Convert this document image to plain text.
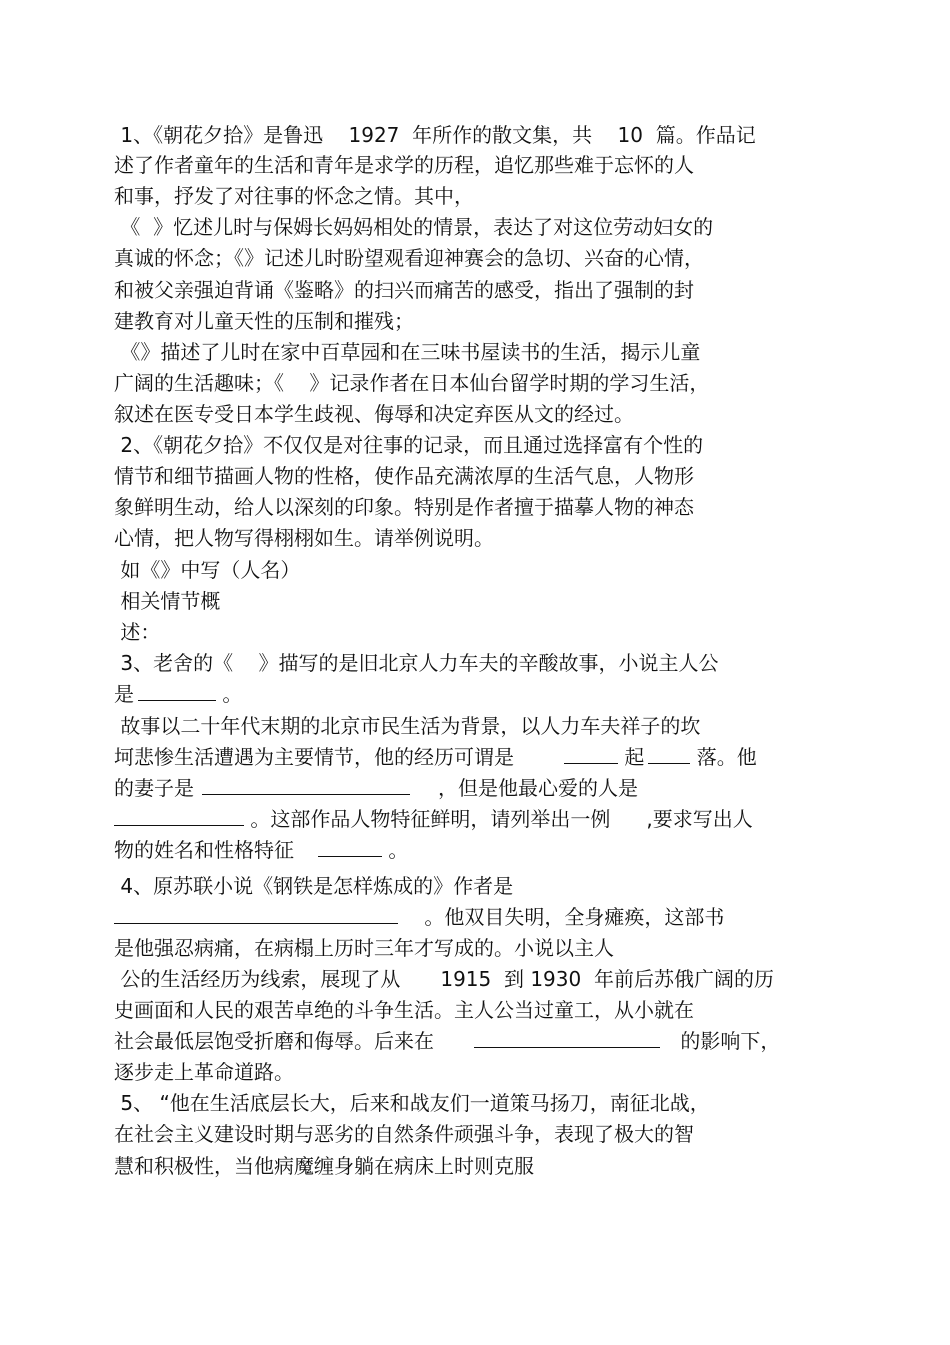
1、《朝花夕拾》是鲁迅    1927  年所作的散文集，共    10  篇。作品记
述了作者童年的生活和青年是求学的历程，追忆那些难于忘怀的人
和事，抒发了对往事的怀念之情。其中，
《  》忆述儿时与保姆长妈妈相处的情景，表达了对这位劳动妇女的
真诚的怀念；《》记述儿时盼望观看迎神赛会的急切、兴奋的心情，
和被父亲强迫背诵《鉴略》的扫兴而痛苦的感受，指出了强制的封
建教育对儿童天性的压制和摧残；
《》描述了儿时在家中百草园和在三味书屋读书的生活，揭示儿童
广阔的生活趣味；《    》记录作者在日本仙台留学时期的学习生活，
叙述在医专受日本学生歧视、侮辱和决定弃医从文的经过。
2、《朝花夕拾》不仅仅是对往事的记录，而且通过选择富有个性的
情节和细节描画人物的性格，使作品充满浓厚的生活气息，人物形
象鲜明生动，给人以深刻的印象。特别是作者擅于描摹人物的神态
心情，把人物写得栩栩如生。请举例说明。
如《》中写（人名）
相关情节概
述：
3、老舍的《    》描写的是旧北京人力车夫的辛酸故事，小说主人公
是	。
故事以二十年代末期的北京市民生活为背景，以人力车夫祥子的坎
坷悲惨生活遭遇为主要情节，他的经历可谓是	起 落。他
的妻子是	，但是他最心爱的人是
。这部作品人物特征鲜明，请列举出一例 ,要求写出人
物的姓名和性格特征	。
4、原苏联小说《钢铁是怎样炼成的》作者是
。他双目失明，全身瘫痪，这部书
是他强忍病痛，在病榻上历时三年才写成的。小说以主人
公的生活经历为线索，展现了从 1915  到 1930  年前后苏俄广阔的历
史画面和人民的艰苦卓绝的斗争生活。主人公当过童工，从小就在
社会最低层饱受折磨和侮辱。后来在	的影响下，
逐步走上革命道路。
5、 “他在生活底层长大，后来和战友们一道策马扬刀，南征北战，
在社会主义建设时期与恶劣的自然条件顽强斗争，表现了极大的智
慧和积极性，当他病魔缠身躺在病床上时则克服
